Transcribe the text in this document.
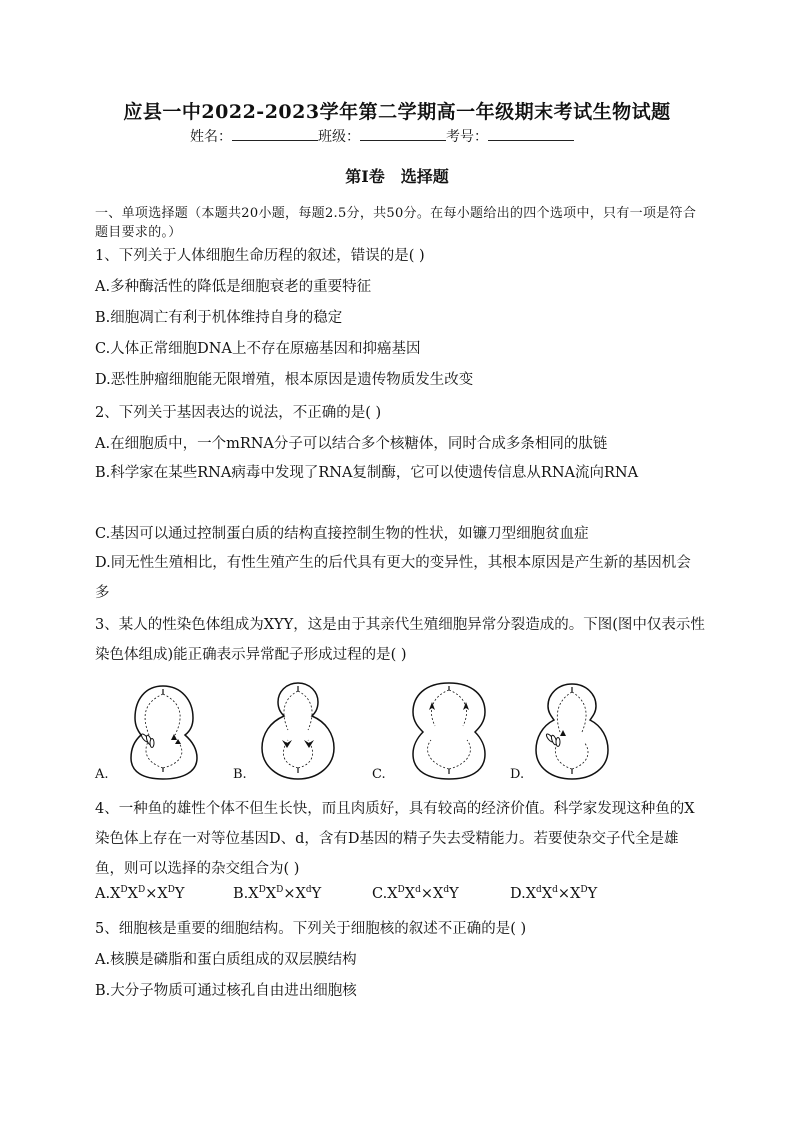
应县一中2022-2023学年第二学期高一年级期末考试生物试题
姓名：	班级：	考号：
第Ⅰ卷　选择题
一、单项选择题（本题共20小题，每题2.5分，共50分。在每小题给出的四个选项中，只有一项是符合题目要求的。）
1、下列关于人体细胞生命历程的叙述，错误的是( )
A.多种酶活性的降低是细胞衰老的重要特征
B.细胞凋亡有利于机体维持自身的稳定
C.人体正常细胞DNA上不存在原癌基因和抑癌基因
D.恶性肿瘤细胞能无限增殖，根本原因是遗传物质发生改变
2、下列关于基因表达的说法，不正确的是( )
A.在细胞质中，一个mRNA分子可以结合多个核糖体，同时合成多条相同的肽链
B.科学家在某些RNA病毒中发现了RNA复制酶，它可以使遗传信息从RNA流向RNA
C.基因可以通过控制蛋白质的结构直接控制生物的性状，如镰刀型细胞贫血症
D.同无性生殖相比，有性生殖产生的后代具有更大的变异性，其根本原因是产生新的基因机会多
3、某人的性染色体组成为XYY，这是由于其亲代生殖细胞异常分裂造成的。下图(图中仅表示性染色体组成)能正确表示异常配子形成过程的是( )
A.	B.	C.	D.
4、一种鱼的雄性个体不但生长快，而且肉质好，具有较高的经济价值。科学家发现这种鱼的X染色体上存在一对等位基因D、d，含有D基因的精子失去受精能力。若要使杂交子代全是雄鱼，则可以选择的杂交组合为( )
$A.X^DX^D\times X^DY$	$B.X^DX^D\times X^dY$	$C.X^DX^d\times X^dY$	$D.X^dX^d\times X^DY$
5、细胞核是重要的细胞结构。下列关于细胞核的叙述不正确的是( )
A.核膜是磷脂和蛋白质组成的双层膜结构
B.大分子物质可通过核孔自由进出细胞核
